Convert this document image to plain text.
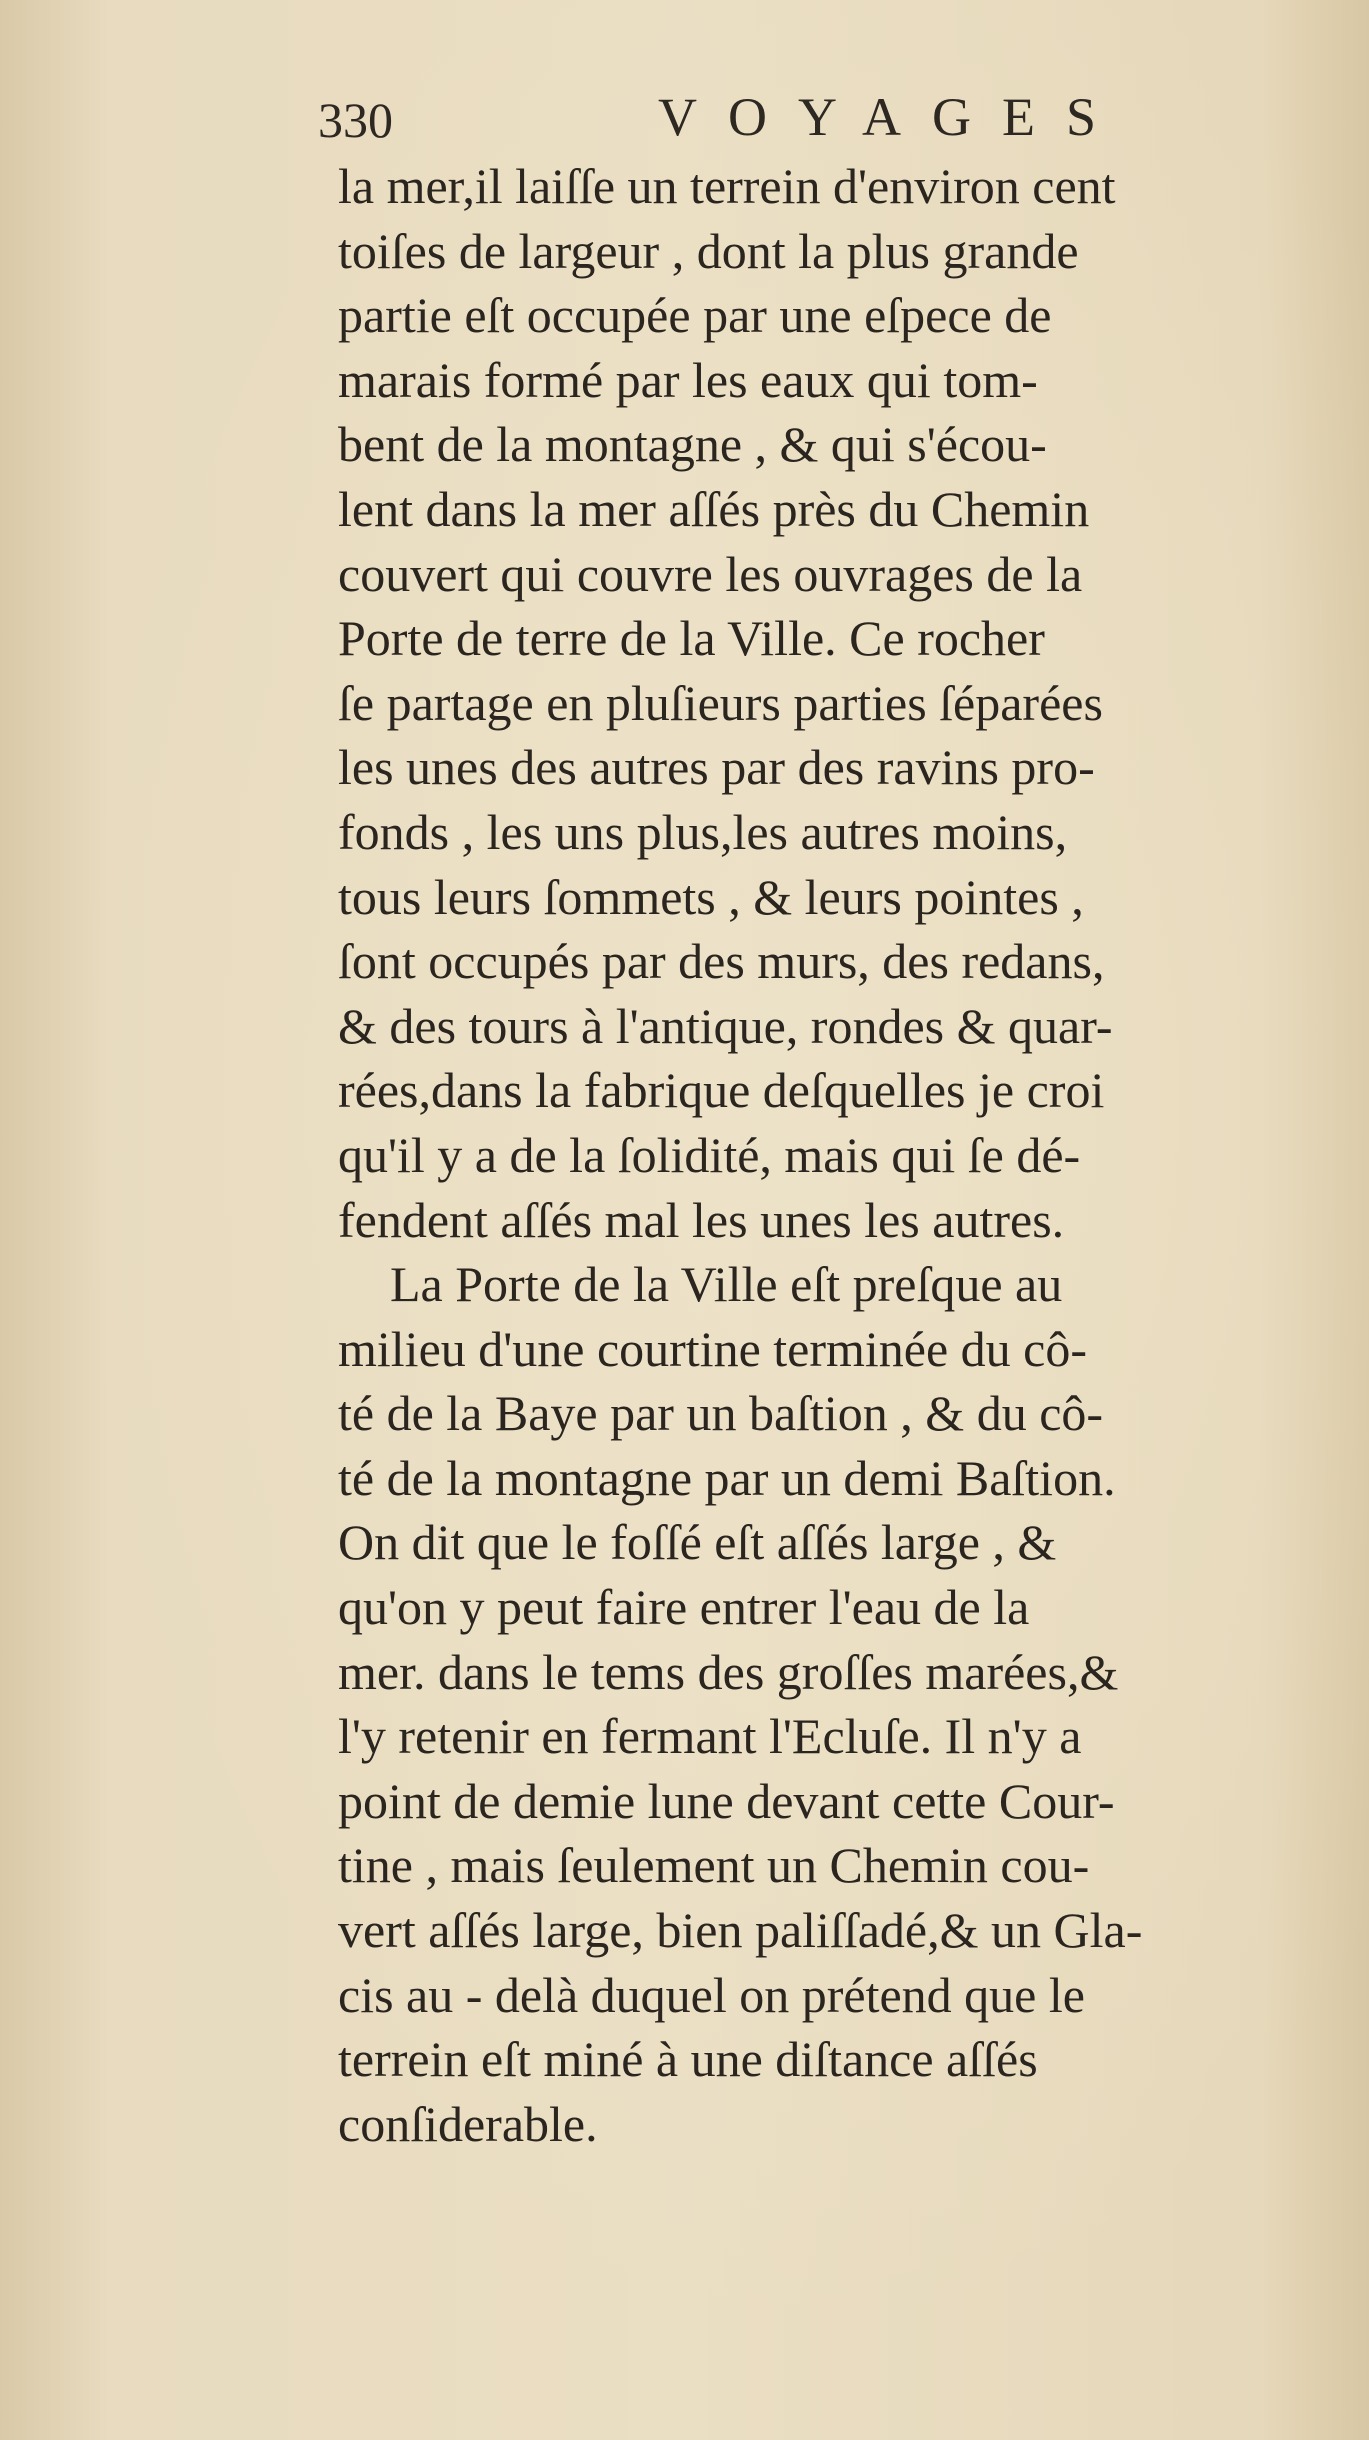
330	VOYAGES
la mer,il laiſſe un terrein d'environ cent
toiſes de largeur , dont la plus grande
partie eſt occupée par une eſpece de
marais formé par les eaux qui tom-
bent de la montagne , & qui s'écou-
lent dans la mer aſſés près du Chemin
couvert qui couvre les ouvrages de la
Porte de terre de la Ville. Ce rocher
ſe partage en pluſieurs parties ſéparées
les unes des autres par des ravins pro-
fonds , les uns plus,les autres moins,
tous leurs ſommets , & leurs pointes ,
ſont occupés par des murs, des redans,
& des tours à l'antique, rondes & quar-
rées,dans la fabrique deſquelles je croi
qu'il y a de la ſolidité, mais qui ſe dé-
fendent aſſés mal les unes les autres.
La Porte de la Ville eſt preſque au
milieu d'une courtine terminée du cô-
té de la Baye par un baſtion , & du cô-
té de la montagne par un demi Baſtion.
On dit que le foſſé eſt aſſés large , &
qu'on y peut faire entrer l'eau de la
mer. dans le tems des groſſes marées,&
l'y retenir en fermant l'Ecluſe. Il n'y a
point de demie lune devant cette Cour-
tine , mais ſeulement un Chemin cou-
vert aſſés large, bien paliſſadé,& un Gla-
cis au - delà duquel on prétend que le
terrein eſt miné à une diſtance aſſés
conſiderable.
